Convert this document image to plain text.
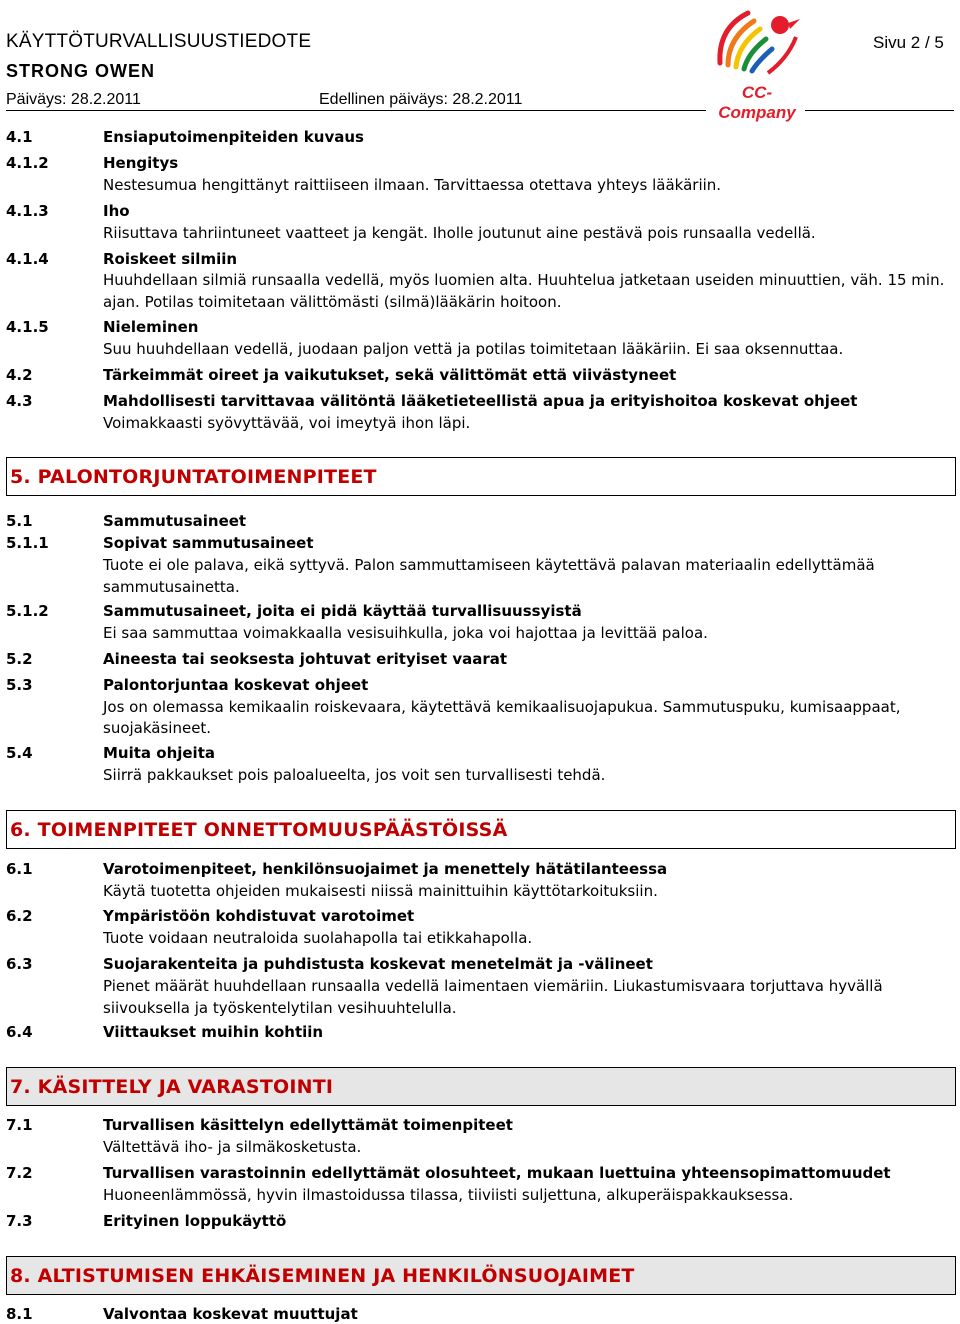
KÄYTTÖTURVALLISUUSTIEDOTE
STRONG OWEN
Päiväys: 28.2.2011	Edellinen päiväys: 28.2.2011
Sivu 2 / 5
CC-Company
4.1	Ensiaputoimenpiteiden kuvaus
4.1.2	Hengitys
Nestesumua hengittänyt raittiiseen ilmaan. Tarvittaessa otettava yhteys lääkäriin.
4.1.3	Iho
Riisuttava tahriintuneet vaatteet ja kengät. Iholle joutunut aine pestävä pois runsaalla vedellä.
4.1.4	Roiskeet silmiin
Huuhdellaan silmiä runsaalla vedellä, myös luomien alta. Huuhtelua jatketaan useiden minuuttien, väh. 15 min.
ajan. Potilas toimitetaan välittömästi (silmä)lääkärin hoitoon.
4.1.5	Nieleminen
Suu huuhdellaan vedellä, juodaan paljon vettä ja potilas toimitetaan lääkäriin. Ei saa oksennuttaa.
4.2	Tärkeimmät oireet ja vaikutukset, sekä välittömät että viivästyneet
4.3	Mahdollisesti tarvittavaa välitöntä lääketieteellistä apua ja erityishoitoa koskevat ohjeet
Voimakkaasti syövyttävää, voi imeytyä ihon läpi.
5. PALONTORJUNTATOIMENPITEET
5.1	Sammutusaineet
5.1.1	Sopivat sammutusaineet
Tuote ei ole palava, eikä syttyvä. Palon sammuttamiseen käytettävä palavan materiaalin edellyttämää
sammutusainetta.
5.1.2	Sammutusaineet, joita ei pidä käyttää turvallisuussyistä
Ei saa sammuttaa voimakkaalla vesisuihkulla, joka voi hajottaa ja levittää paloa.
5.2	Aineesta tai seoksesta johtuvat erityiset vaarat
5.3	Palontorjuntaa koskevat ohjeet
Jos on olemassa kemikaalin roiskevaara, käytettävä kemikaalisuojapukua. Sammutuspuku, kumisaappaat,
suojakäsineet.
5.4	Muita ohjeita
Siirrä pakkaukset pois paloalueelta, jos voit sen turvallisesti tehdä.
6. TOIMENPITEET ONNETTOMUUSPÄÄSTÖISSÄ
6.1	Varotoimenpiteet, henkilönsuojaimet ja menettely hätätilanteessa
Käytä tuotetta ohjeiden mukaisesti niissä mainittuihin käyttötarkoituksiin.
6.2	Ympäristöön kohdistuvat varotoimet
Tuote voidaan neutraloida suolahapolla tai etikkahapolla.
6.3	Suojarakenteita ja puhdistusta koskevat menetelmät ja -välineet
Pienet määrät huuhdellaan runsaalla vedellä laimentaen viemäriin. Liukastumisvaara torjuttava hyvällä
siivouksella ja työskentelytilan vesihuuhtelulla.
6.4	Viittaukset muihin kohtiin
7. KÄSITTELY JA VARASTOINTI
7.1	Turvallisen käsittelyn edellyttämät toimenpiteet
Vältettävä iho- ja silmäkosketusta.
7.2	Turvallisen varastoinnin edellyttämät olosuhteet, mukaan luettuina yhteensopimattomuudet
Huoneenlämmössä, hyvin ilmastoidussa tilassa, tiiviisti suljettuna, alkuperäispakkauksessa.
7.3	Erityinen loppukäyttö
8. ALTISTUMISEN EHKÄISEMINEN JA HENKILÖNSUOJAIMET
8.1	Valvontaa koskevat muuttujat
